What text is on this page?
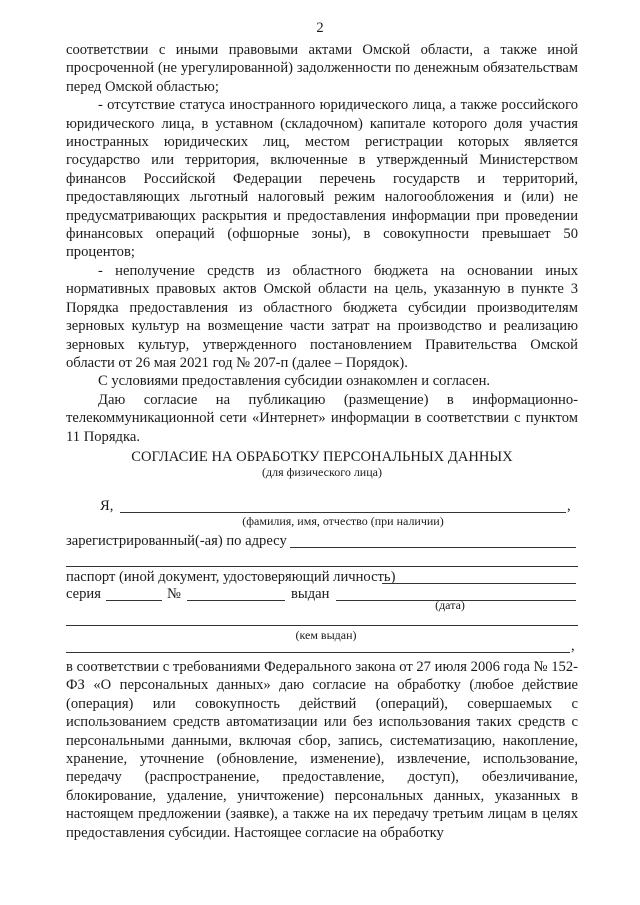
2

соответствии с иными правовыми актами Омской области, а также иной просроченной (не урегулированной) задолженности по денежным обязательствам перед Омской областью;

- отсутствие статуса иностранного юридического лица, а также российского юридического лица, в уставном (складочном) капитале которого доля участия иностранных юридических лиц, местом регистрации которых является государство или территория, включенные в утвержденный Министерством финансов Российской Федерации перечень государств и территорий, предоставляющих льготный налоговый режим налогообложения и (или) не предусматривающих раскрытия и предоставления информации при проведении финансовых операций (офшорные зоны), в совокупности превышает 50 процентов;

- неполучение средств из областного бюджета на основании иных нормативных правовых актов Омской области на цель, указанную в пункте 3 Порядка предоставления из областного бюджета субсидии производителям зерновых культур на возмещение части затрат на производство и реализацию зерновых культур, утвержденного постановлением Правительства Омской области от 26 мая 2021 год № 207-п (далее – Порядок).

С условиями предоставления субсидии ознакомлен и согласен.

Даю согласие на публикацию (размещение) в информационно-телекоммуникационной сети «Интернет» информации в соответствии с пунктом 11 Порядка.

СОГЛАСИЕ НА ОБРАБОТКУ ПЕРСОНАЛЬНЫХ ДАННЫХ
(для физического лица)
Я,	,
(фамилия, имя, отчество (при наличии)
зарегистрированный(-ая) по адресу
паспорт (иной документ, удостоверяющий личность)
серия	№	выдан
(дата)
(кем выдан)
,

в соответствии с требованиями Федерального закона от 27 июля 2006 года № 152-ФЗ «О персональных данных» даю согласие на обработку (любое действие (операция) или совокупность действий (операций), совершаемых с использованием средств автоматизации или без использования таких средств с персональными данными, включая сбор, запись, систематизацию, накопление, хранение, уточнение (обновление, изменение), извлечение, использование, передачу (распространение, предоставление, доступ), обезличивание, блокирование, удаление, уничтожение) персональных данных, указанных в настоящем предложении (заявке), а также на их передачу третьим лицам в целях предоставления субсидии. Настоящее согласие на обработку
